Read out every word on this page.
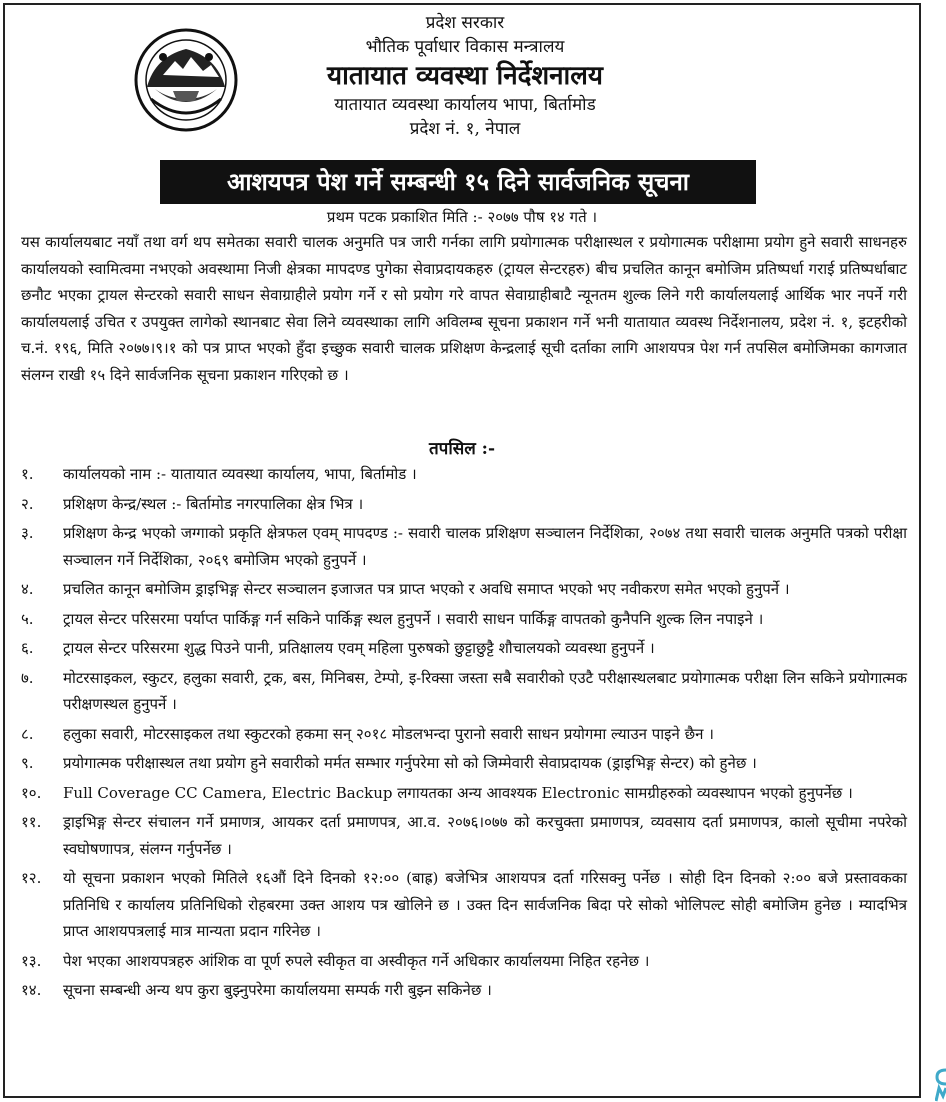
प्रदेश सरकार
भौतिक पूर्वाधार विकास मन्त्रालय
यातायात व्यवस्था निर्देशनालय
यातायात व्यवस्था कार्यालय भापा, बिर्तामोड
प्रदेश नं. १, नेपाल
आशयपत्र पेश गर्ने सम्बन्धी १५ दिने सार्वजनिक सूचना
प्रथम पटक प्रकाशित मिति :- २०७७ पौष १४ गते ।

यस कार्यालयबाट नयाँ तथा वर्ग थप समेतका सवारी चालक अनुमति पत्र जारी गर्नका लागि प्रयोगात्मक परीक्षास्थल र प्रयोगात्मक परीक्षामा प्रयोग हुने सवारी साधनहरु कार्यालयको स्वामित्वमा नभएको अवस्थामा निजी क्षेत्रका मापदण्ड पुगेका सेवाप्रदायकहरु (ट्रायल सेन्टरहरु) बीच प्रचलित कानून बमोजिम प्रतिष्पर्धा गराई प्रतिष्पर्धाबाट छनौट भएका ट्रायल सेन्टरको सवारी साधन सेवाग्राहीले प्रयोग गर्ने र सो प्रयोग गरे वापत सेवाग्राहीबाटै न्यूनतम शुल्क लिने गरी कार्यालयलाई आर्थिक भार नपर्ने गरी कार्यालयलाई उचित र उपयुक्त लागेको स्थानबाट सेवा लिने व्यवस्थाका लागि अविलम्ब सूचना प्रकाशन गर्ने भनी यातायात व्यवस्थ निर्देशनालय, प्रदेश नं. १, इटहरीको च.नं. १९६, मिति २०७७।९।१ को पत्र प्राप्त भएको हुँदा इच्छुक सवारी चालक प्रशिक्षण केन्द्रलाई सूची दर्ताका लागि आशयपत्र पेश गर्न तपसिल बमोजिमका कागजात संलग्न राखी १५ दिने सार्वजनिक सूचना प्रकाशन गरिएको छ ।

तपसिल :-
१.	कार्यालयको नाम :- यातायात व्यवस्था कार्यालय, भापा, बिर्तामोड ।
२.	प्रशिक्षण केन्द्र/स्थल :- बिर्तामोड नगरपालिका क्षेत्र भित्र ।
३.	प्रशिक्षण केन्द्र भएको जग्गाको प्रकृति क्षेत्रफल एवम् मापदण्ड :- सवारी चालक प्रशिक्षण सञ्चालन निर्देशिका, २०७४ तथा सवारी चालक अनुमति पत्रको परीक्षा सञ्चालन गर्ने निर्देशिका, २०६९ बमोजिम भएको हुनुपर्ने ।
४.	प्रचलित कानून बमोजिम ड्राइभिङ्ग सेन्टर सञ्चालन इजाजत पत्र प्राप्त भएको र अवधि समाप्त भएको भए नवीकरण समेत भएको हुनुपर्ने ।
५.	ट्रायल सेन्टर परिसरमा पर्याप्त पार्किङ्ग गर्न सकिने पार्किङ्ग स्थल हुनुपर्ने । सवारी साधन पार्किङ्ग वापतको कुनैपनि शुल्क लिन नपाइने ।
६.	ट्रायल सेन्टर परिसरमा शुद्ध पिउने पानी, प्रतिक्षालय एवम् महिला पुरुषको छुट्टाछुट्टै शौचालयको व्यवस्था हुनुपर्ने ।
७.	मोटरसाइकल, स्कुटर, हलुका सवारी, ट्रक, बस, मिनिबस, टेम्पो, इ-रिक्सा जस्ता सबै सवारीको एउटै परीक्षास्थलबाट प्रयोगात्मक परीक्षा लिन सकिने प्रयोगात्मक परीक्षणस्थल हुनुपर्ने ।
८.	हलुका सवारी, मोटरसाइकल तथा स्कुटरको हकमा सन् २०१८ मोडलभन्दा पुरानो सवारी साधन प्रयोगमा ल्याउन पाइने छैन ।
९.	प्रयोगात्मक परीक्षास्थल तथा प्रयोग हुने सवारीको मर्मत सम्भार गर्नुपरेमा सो को जिम्मेवारी सेवाप्रदायक (ड्राइभिङ्ग सेन्टर) को हुनेछ ।
१०.	Full Coverage CC Camera, Electric Backup लगायतका अन्य आवश्यक Electronic सामग्रीहरुको व्यवस्थापन भएको हुनुपर्नेछ ।
११.	ड्राइभिङ्ग सेन्टर संचालन गर्ने प्रमाणत्र, आयकर दर्ता प्रमाणपत्र, आ.व. २०७६।०७७ को करचुक्ता प्रमाणपत्र, व्यवसाय दर्ता प्रमाणपत्र, कालो सूचीमा नपरेको स्वघोषणापत्र, संलग्न गर्नुपर्नेछ ।
१२.	यो सूचना प्रकाशन भएको मितिले १६औं दिने दिनको १२:०० (बाह्र) बजेभित्र आशयपत्र दर्ता गरिसक्नु पर्नेछ । सोही दिन दिनको २:०० बजे प्रस्तावकका प्रतिनिधि र कार्यालय प्रतिनिधिको रोहबरमा उक्त आशय पत्र खोलिने छ । उक्त दिन सार्वजनिक बिदा परे सोको भोलिपल्ट सोही बमोजिम हुनेछ । म्यादभित्र प्राप्त आशयपत्रलाई मात्र मान्यता प्रदान गरिनेछ ।
१३.	पेश भएका आशयपत्रहरु आंशिक वा पूर्ण रुपले स्वीकृत वा अस्वीकृत गर्ने अधिकार कार्यालयमा निहित रहनेछ ।
१४.	सूचना सम्बन्धी अन्य थप कुरा बुझ्नुपरेमा कार्यालयमा सम्पर्क गरी बुझ्न सकिनेछ ।
